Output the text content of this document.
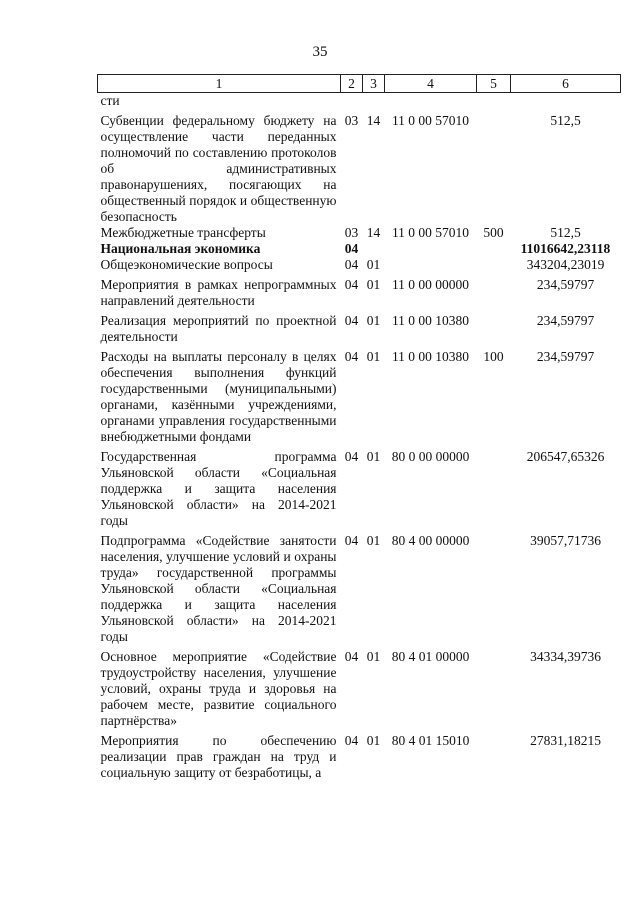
35
1	2	3	4	5	6
сти					
Субвенции федеральному бюджету на осуществление части переданных полномочий по составлению протоколов об административных правонарушениях, посягающих на общественный порядок и общественную безопасность	03	14	11 0 00 57010		512,5
Межбюджетные трансферты	03	14	11 0 00 57010	500	512,5
Национальная экономика	04				11016642,23118
Общеэкономические вопросы	04	01			343204,23019
Мероприятия в рамках непрограммных направлений деятельности	04	01	11 0 00 00000		234,59797
Реализация мероприятий по проектной деятельности	04	01	11 0 00 10380		234,59797
Расходы на выплаты персоналу в целях обеспечения выполнения функций государственными (муниципальными) органами, казёнными учреждениями, органами управления государственными внебюджетными фондами	04	01	11 0 00 10380	100	234,59797
Государственная программа Ульяновской области «Социальная поддержка и защита населения Ульяновской области» на 2014-2021 годы	04	01	80 0 00 00000		206547,65326
Подпрограмма «Содействие занятости населения, улучшение условий и охраны труда» государственной программы Ульяновской области «Социальная поддержка и защита населения Ульяновской области» на 2014-2021 годы	04	01	80 4 00 00000		39057,71736
Основное мероприятие «Содействие трудоустройству населения, улучшение условий, охраны труда и здоровья на рабочем месте, развитие социального партнёрства»	04	01	80 4 01 00000		34334,39736
Мероприятия по обеспечению реализации прав граждан на труд и социальную защиту от безработицы, а	04	01	80 4 01 15010		27831,18215
